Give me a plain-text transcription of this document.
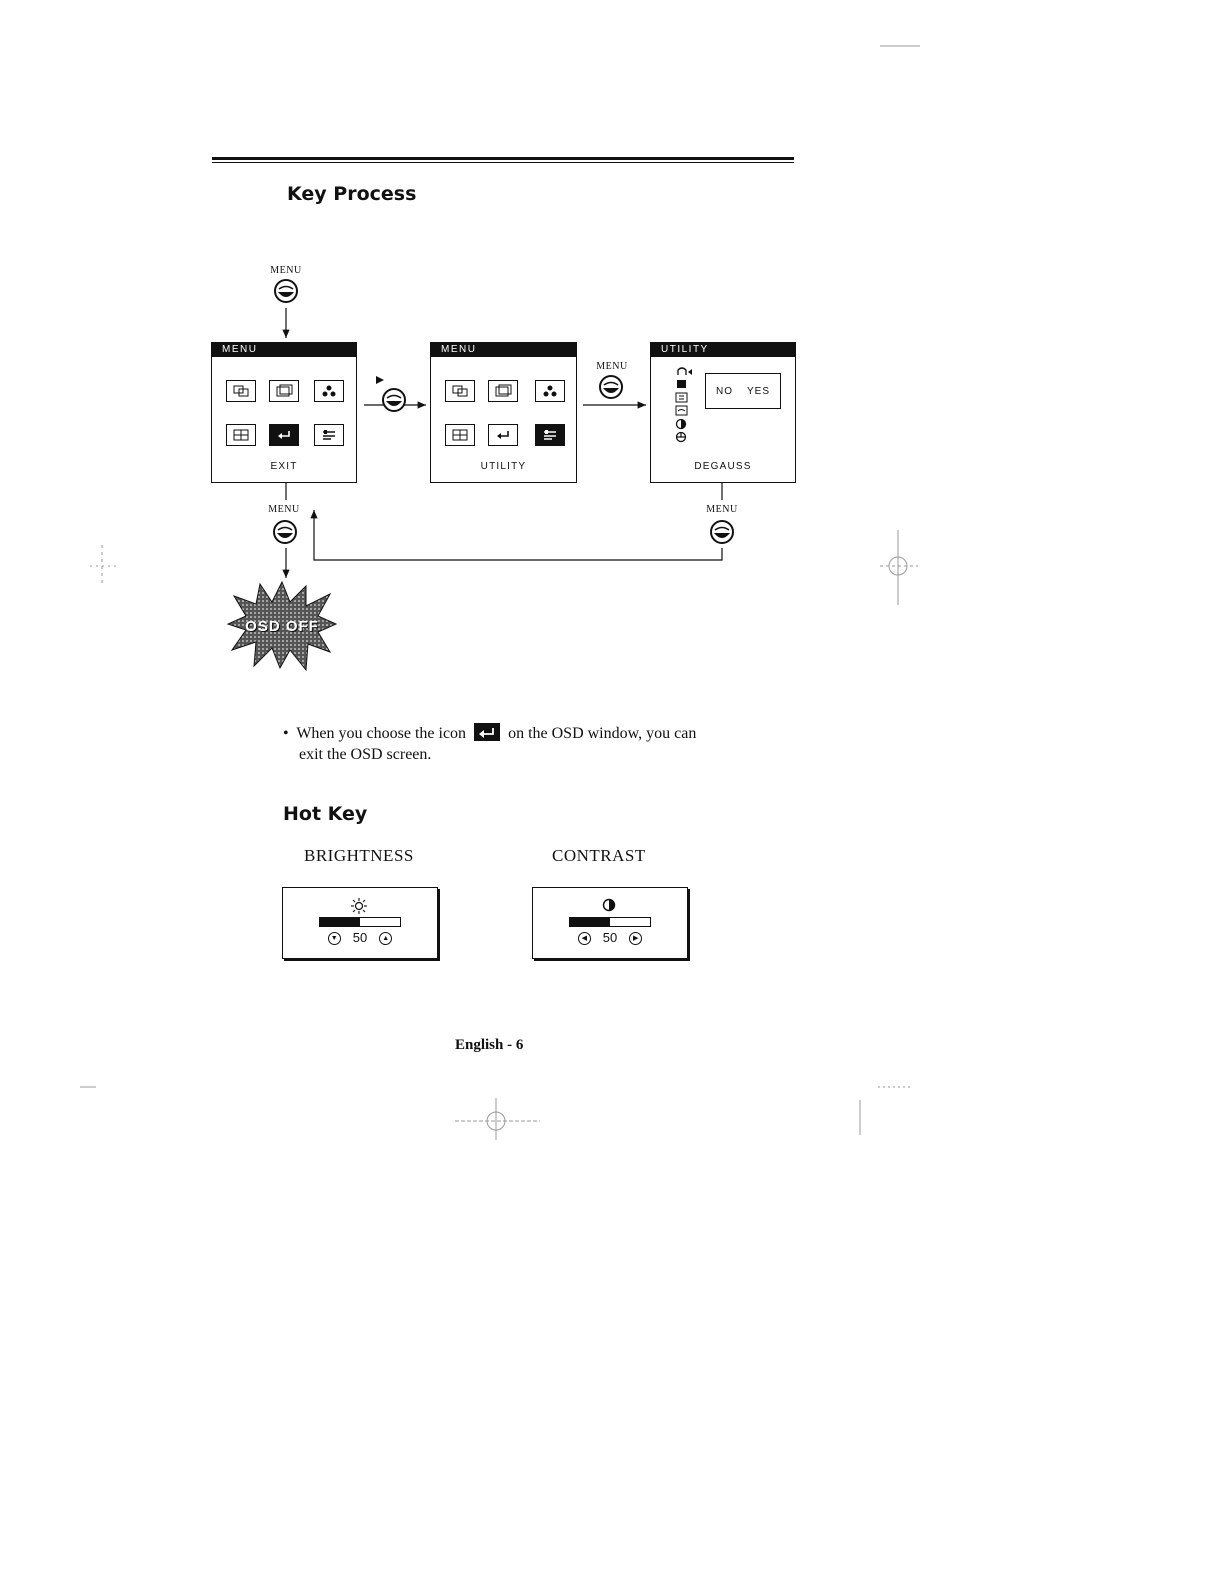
Key Process
MENU
MENU
MENU	MENU
MENU
EXIT
MENU
UTILITY
UTILITY
NO YES
DEGAUSS
OSD OFF
• When you choose the icon	on the OSD window, you can
exit the OSD screen.
Hot Key
BRIGHTNESS	CONTRAST
▼ 50 ▲	◀ 50 ▶
English - 6
